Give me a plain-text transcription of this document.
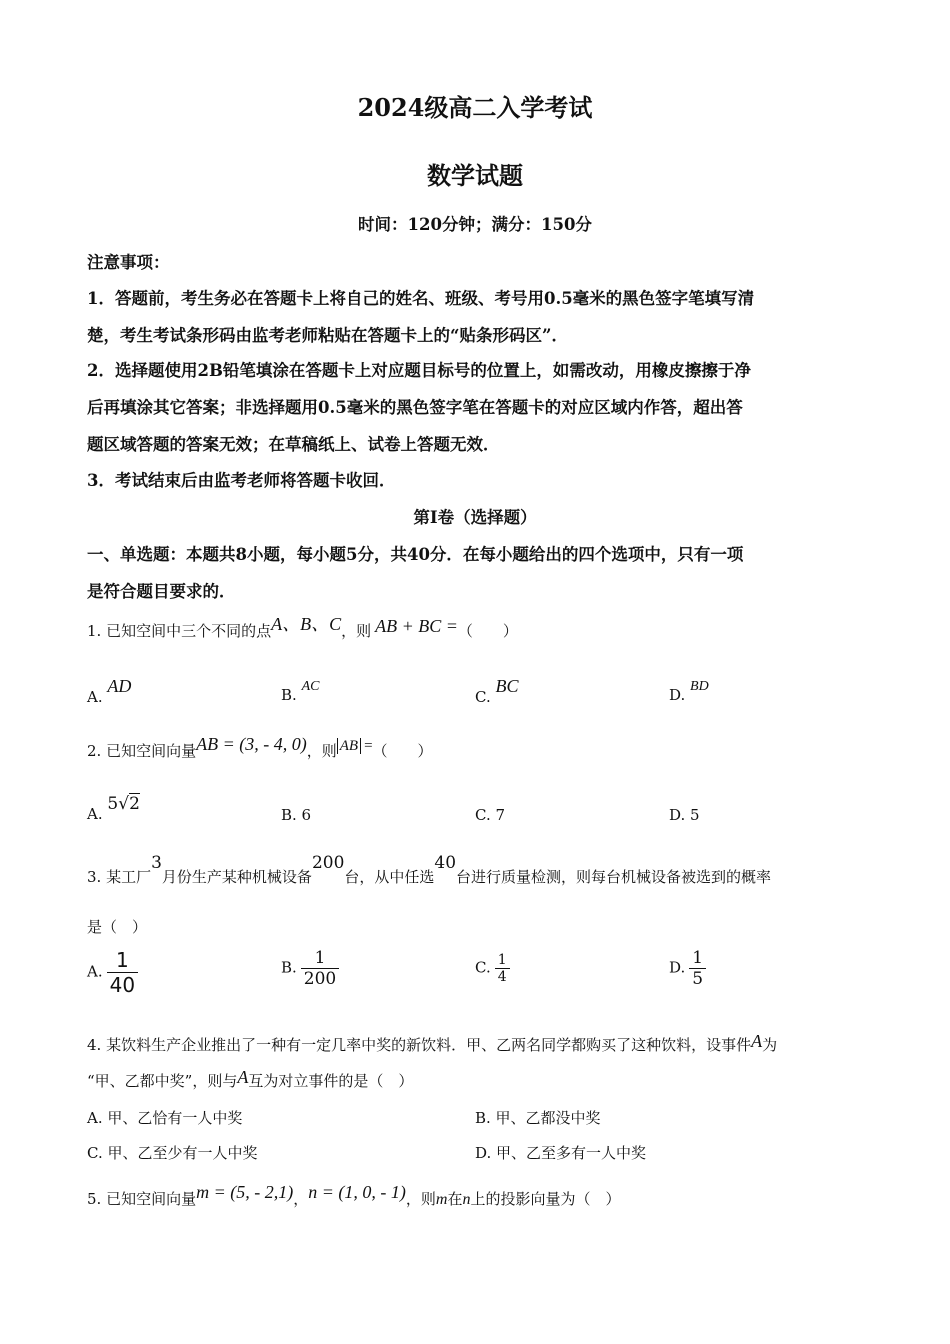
2024级高二入学考试
数学试题
时间：120分钟；满分：150分
注意事项：
1．答题前，考生务必在答题卡上将自己的姓名、班级、考号用0.5毫米的黑色签字笔填写清
楚，考生考试条形码由监考老师粘贴在答题卡上的“贴条形码区”．
2．选择题使用2B铅笔填涂在答题卡上对应题目标号的位置上，如需改动，用橡皮擦擦于净
后再填涂其它答案；非选择题用0.5毫米的黑色签字笔在答题卡的对应区域内作答，超出答
题区域答题的答案无效；在草稿纸上、试卷上答题无效．
3．考试结束后由监考老师将答题卡收回．
第I卷（选择题）
一、单选题：本题共8小题，每小题5分，共40分．在每小题给出的四个选项中，只有一项
是符合题目要求的．
1. 已知空间中三个不同的点A、B、C，则 AB + BC =（　　）
A. AD	B. AC
C. BC	D. BD
2. 已知空间向量AB = (3, - 4, 0)，则 AB =（　　）
A. 5√2
B. 6	C. 7	D. 5
3. 某工厂3月份生产某种机械设备200台，从中任选40台进行质量检测，则每台机械设备被选到的概率
是（　）
A. $\frac{1}{40}$	B. $\frac{1}{200}$	C. $\frac{1}{4}$	D. $\frac{1}{5}$
4. 某饮料生产企业推出了一种有一定几率中奖的新饮料．甲、乙两名同学都购买了这种饮料，设事件A为
“甲、乙都中奖”，则与A互为对立事件的是（　）
A. 甲、乙恰有一人中奖	B. 甲、乙都没中奖
C. 甲、乙至少有一人中奖	D. 甲、乙至多有一人中奖
5. 已知空间向量m = (5, - 2,1)，n = (1, 0, - 1)，则m在n上的投影向量为（　）
